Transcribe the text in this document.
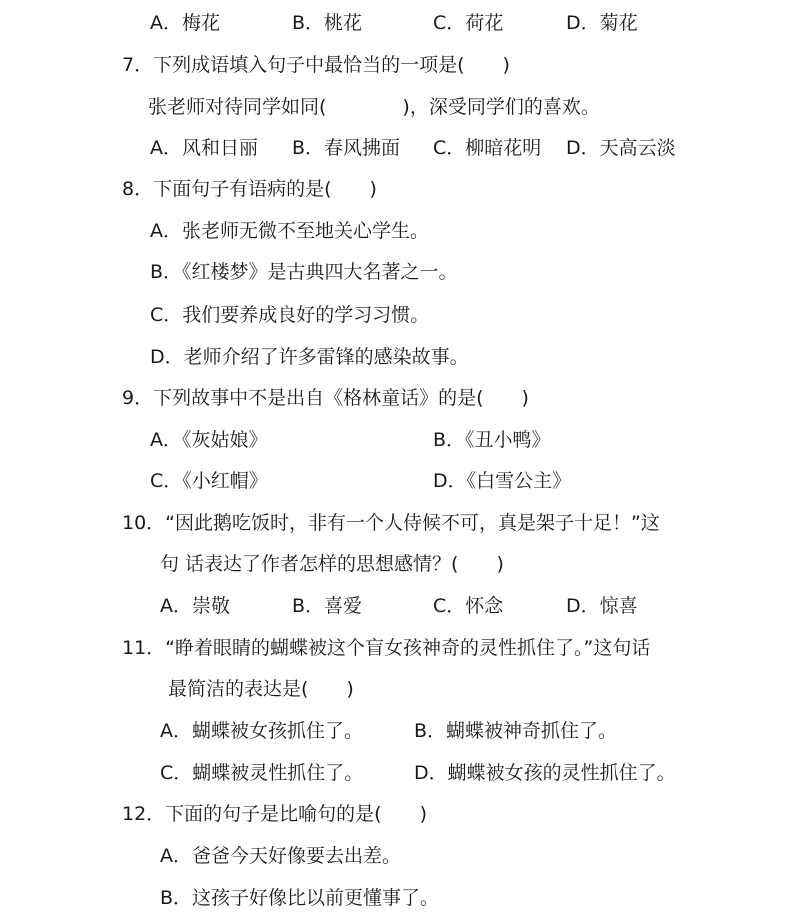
A．梅花	B．桃花	C．荷花	D．菊花
7．下列成语填入句子中最恰当的一项是(　　)
张老师对待同学如同(　　　　)，深受同学们的喜欢。
A．风和日丽 B．春风拂面 C．柳暗花明 D．天高云淡
8．下面句子有语病的是(　　)
A．张老师无微不至地关心学生。
B．《红楼梦》是古典四大名著之一。
C．我们要养成良好的学习习惯。
D．老师介绍了许多雷锋的感染故事。
9．下列故事中不是出自《格林童话》的是(　　)
A．《灰姑娘》	B．《丑小鸭》
C．《小红帽》	D．《白雪公主》
10．“因此鹅吃饭时，非有一个人侍候不可，真是架子十足！”这
句 话表达了作者怎样的思想感情？(　　)
A．崇敬	B．喜爱	C．怀念	D．惊喜
11．“睁着眼睛的蝴蝶被这个盲女孩神奇的灵性抓住了。”这句话
最简洁的表达是(　　)
A．蝴蝶被女孩抓住了。	B．蝴蝶被神奇抓住了。
C．蝴蝶被灵性抓住了。	D．蝴蝶被女孩的灵性抓住了。
12．下面的句子是比喻句的是(　　)
A．爸爸今天好像要去出差。
B．这孩子好像比以前更懂事了。
